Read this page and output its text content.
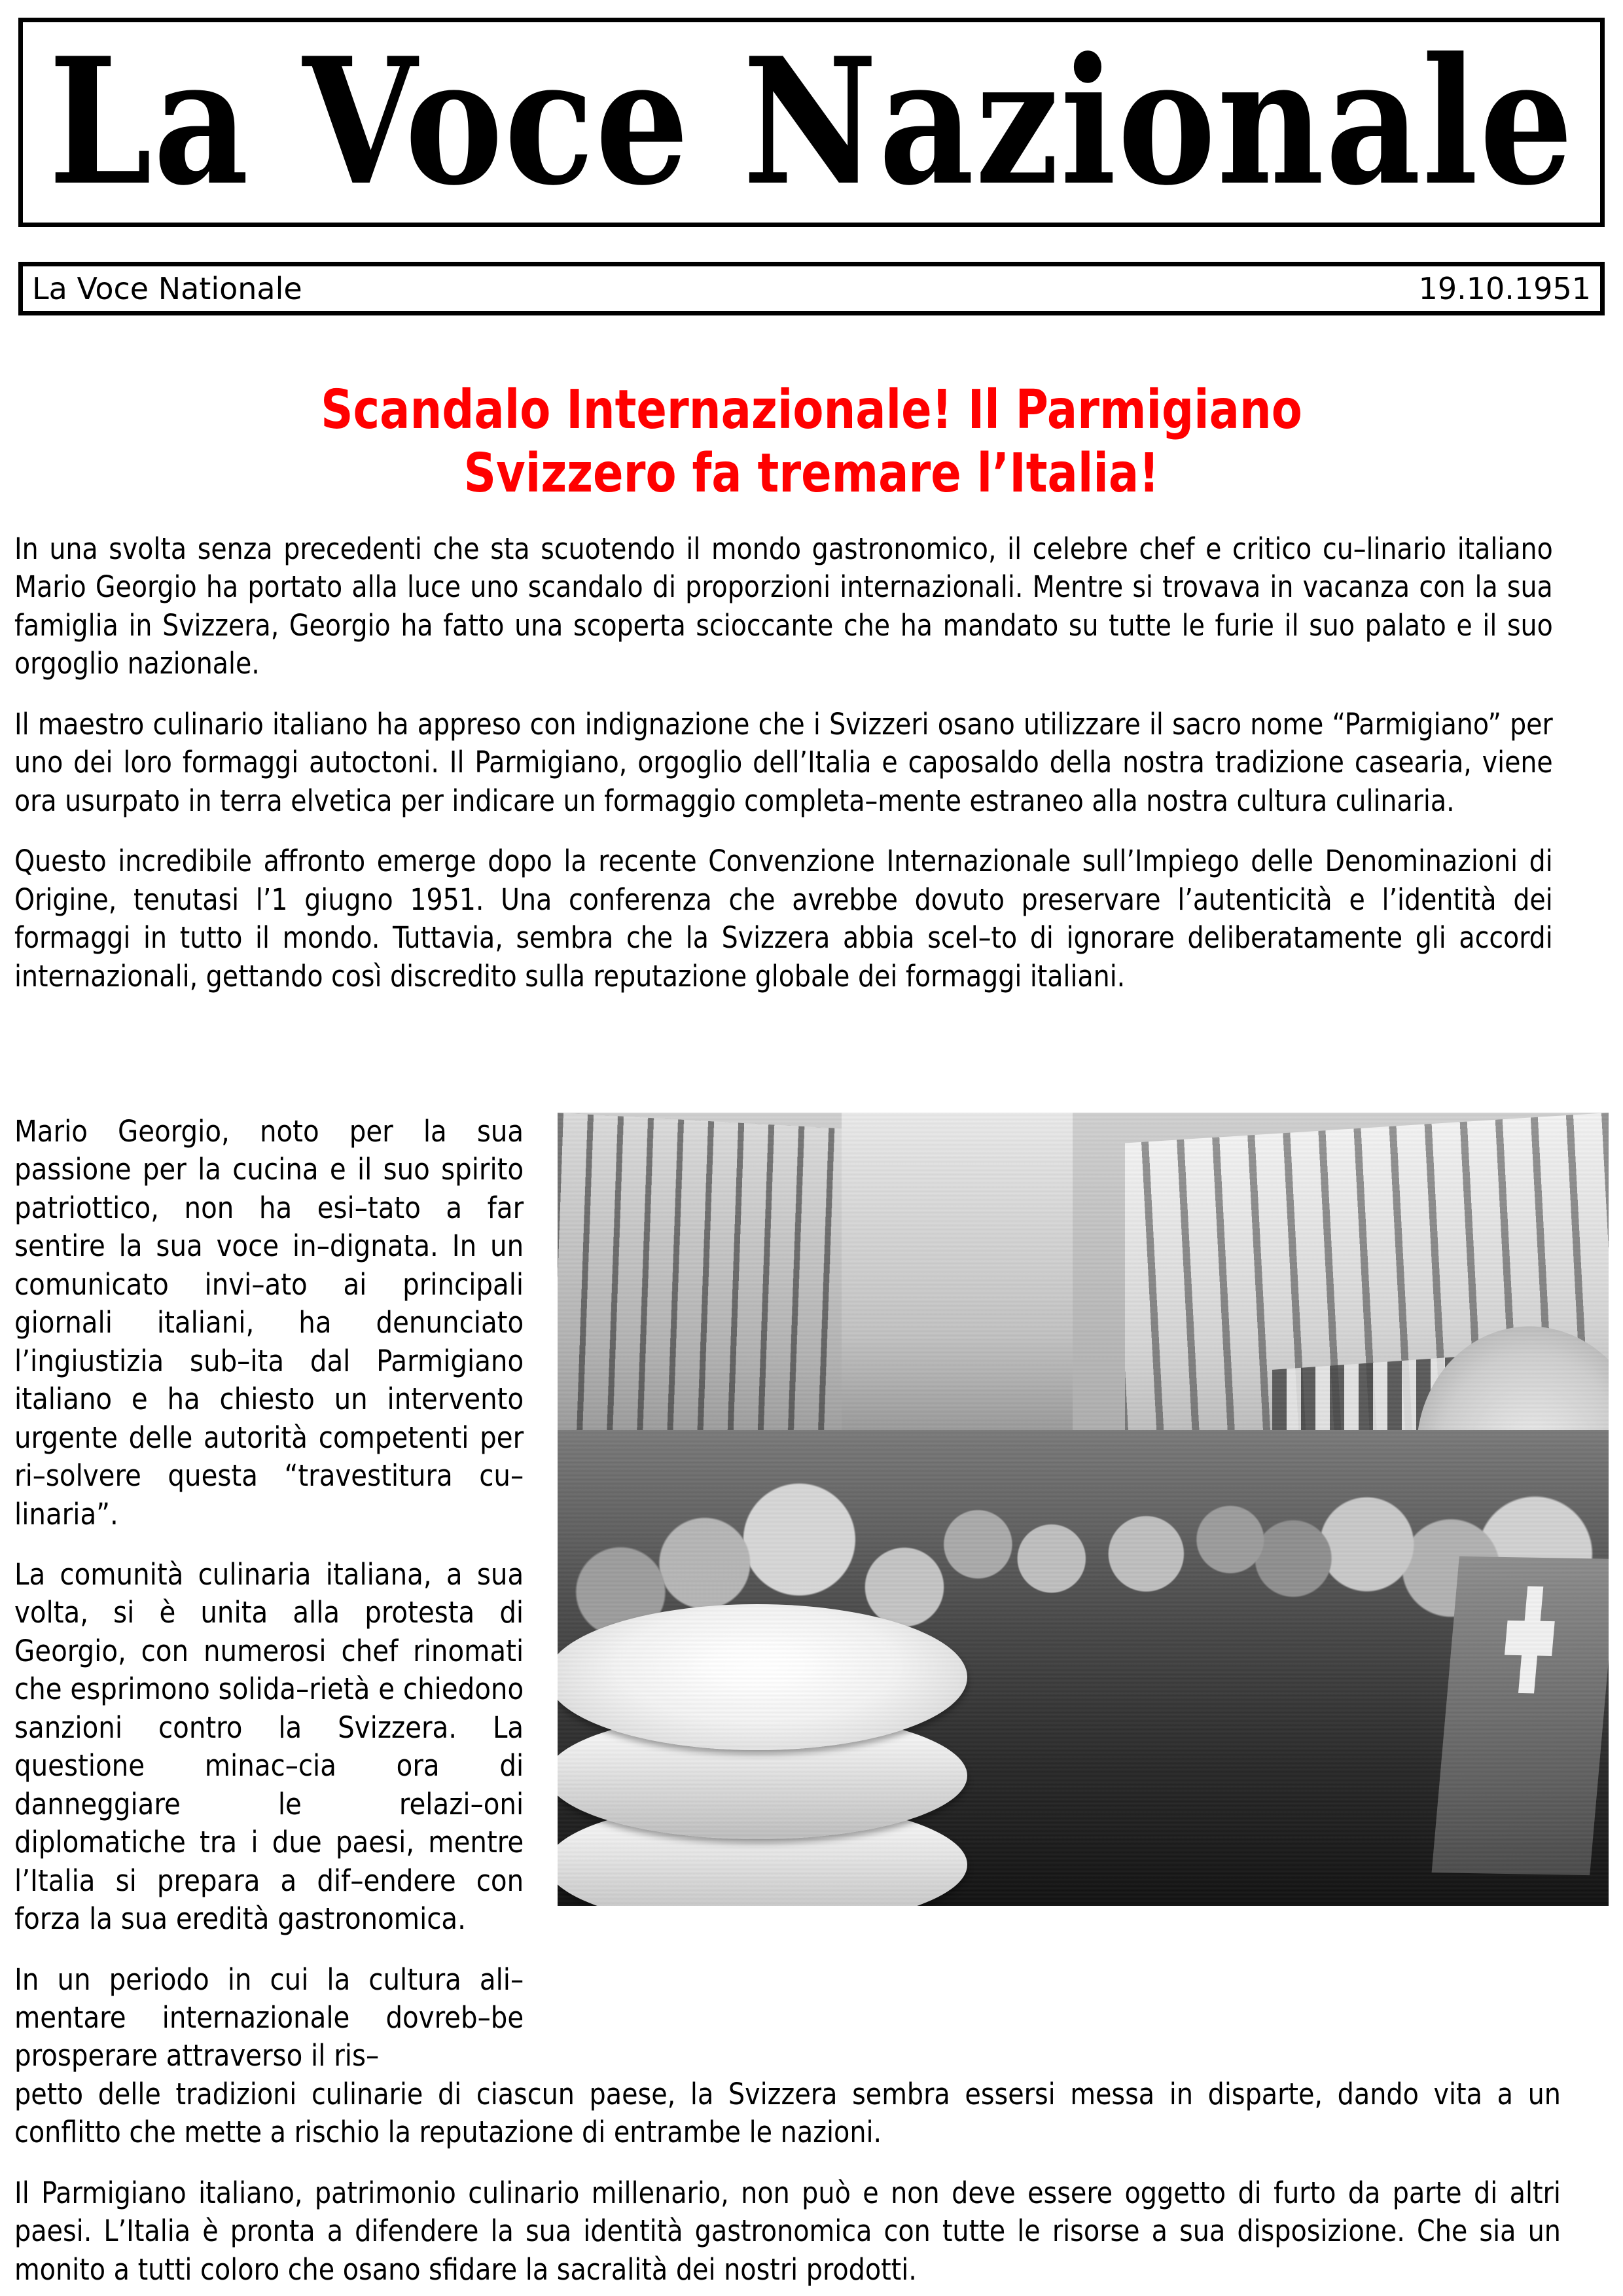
La Voce Nazionale
La Voce Nationale	19.10.1951
Scandalo Internazionale! Il Parmigiano
Svizzero fa tremare l’Italia!

In una svolta senza precedenti che sta scuotendo il mondo gastronomico, il celebre chef e critico cu–linario italiano Mario Georgio ha portato alla luce uno scandalo di proporzioni internazionali. Mentre si trovava in vacanza con la sua famiglia in Svizzera, Georgio ha fatto una scoperta scioccante che ha mandato su tutte le furie il suo palato e il suo orgoglio nazionale.

Il maestro culinario italiano ha appreso con indignazione che i Svizzeri osano utilizzare il sacro nome “Parmigiano” per uno dei loro formaggi autoctoni. Il Parmigiano, orgoglio dell’Italia e caposaldo della nostra tradizione casearia, viene ora usurpato in terra elvetica per indicare un formaggio completa–mente estraneo alla nostra cultura culinaria.

Questo incredibile affronto emerge dopo la recente Convenzione Internazionale sull’Impiego delle Denominazioni di Origine, tenutasi l’1 giugno 1951. Una conferenza che avrebbe dovuto preservare l’autenticità e l’identità dei formaggi in tutto il mondo. Tuttavia, sembra che la Svizzera abbia scel–to di ignorare deliberatamente gli accordi internazionali, gettando così discredito sulla reputazione globale dei formaggi italiani.

Mario Georgio, noto per la sua passione per la cucina e il suo spirito patriottico, non ha esi–tato a far sentire la sua voce in–dignata. In un comunicato invi–ato ai principali giornali italiani, ha denunciato l’ingiustizia sub–ita dal Parmigiano italiano e ha chiesto un intervento urgente delle autorità competenti per ri–solvere questa “travestitura cu–linaria”.

La comunità culinaria italiana, a sua volta, si è unita alla protesta di Georgio, con numerosi chef rinomati che esprimono solida–rietà e chiedono sanzioni contro la Svizzera. La questione minac–cia ora di danneggiare le relazi–oni diplomatiche tra i due paesi, mentre l’Italia si prepara a dif–endere con forza la sua eredità gastronomica.

In un periodo in cui la cultura ali–mentare internazionale dovreb–be prosperare attraverso il ris–

petto delle tradizioni culinarie di ciascun paese, la Svizzera sembra essersi messa in disparte, dando vita a un conflitto che mette a rischio la reputazione di entrambe le nazioni.

Il Parmigiano italiano, patrimonio culinario millenario, non può e non deve essere oggetto di furto da parte di altri paesi. L’Italia è pronta a difendere la sua identità gastronomica con tutte le risorse a sua disposizione. Che sia un monito a tutti coloro che osano sfidare la sacralità dei nostri prodotti.
